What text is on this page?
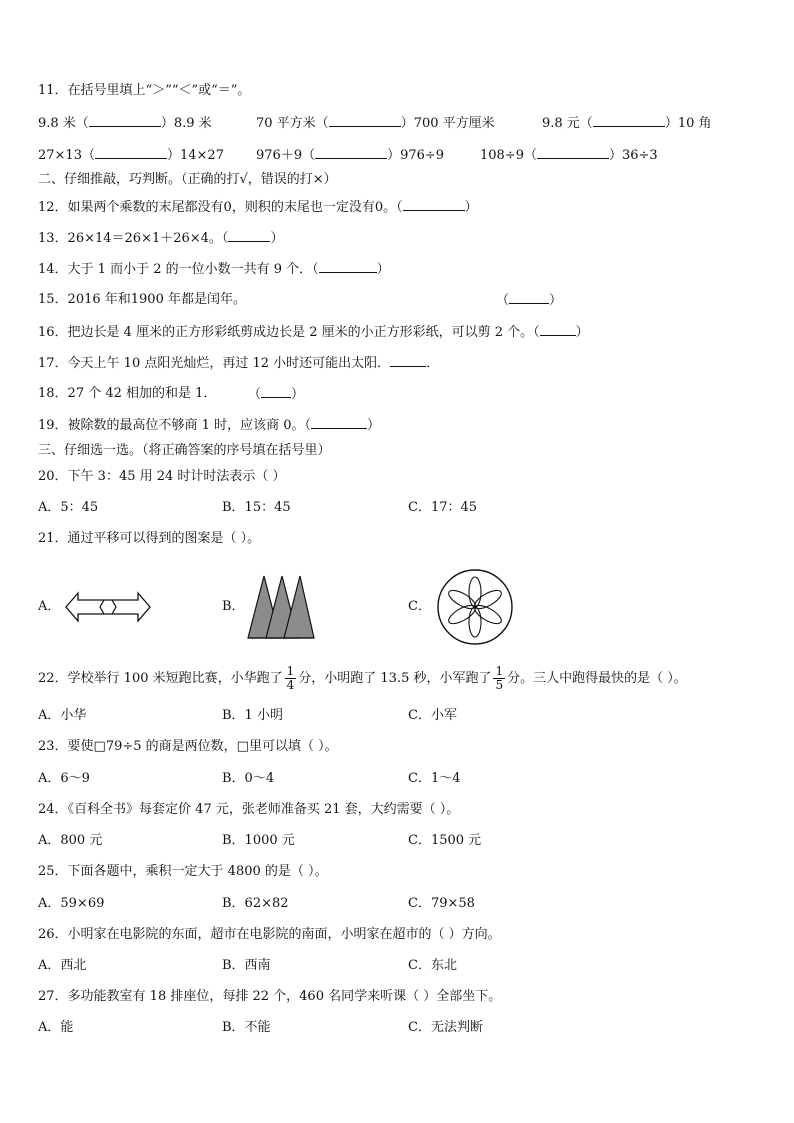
11．在括号里填上“＞”“＜”或“＝”。
9.8 米（	）8.9 米	70 平方米（	）700 平方厘米	9.8 元（	）10 角
27×13（	）14×27 976＋9（	）976÷9	108÷9（	）36÷3
二、仔细推敲，巧判断。（正确的打√，错误的打×）
12．如果两个乘数的末尾都没有0，则积的末尾也一定没有0。（	）
13．26×14＝26×1＋26×4。（	）
14．大于 1 而小于 2 的一位小数一共有 9 个．（	）
15．2016 年和1900 年都是闰年。	（	）
16．把边长是 4 厘米的正方形彩纸剪成边长是 2 厘米的小正方形彩纸，可以剪 2 个。（	）
17．今天上午 10 点阳光灿烂，再过 12 小时还可能出太阳．	．
18．27 个 42 相加的和是 1． （ ）
19．被除数的最高位不够商 1 时，应该商 0。（	）
三、仔细选一选。（将正确答案的序号填在括号里）
20．下午 3：45 用 24 时计时法表示（ ）
A．5：45	B．15：45	C．17：45
21．通过平移可以得到的图案是（ ）。
A．	B．	C．
22．学校举行 100 米短跑比赛，小华跑了 $\frac{1}{4}$ 分，小明跑了 13.5 秒，小军跑了 $\frac{1}{5}$ 分。三人中跑得最快的是（ ）。
A．小华	B．1 小明	C．小军
23．要使□79÷5 的商是两位数，□里可以填（ ）。
A．6～9	B．0～4	C．1～4
24．《百科全书》每套定价 47 元，张老师准备买 21 套，大约需要（ ）。
A．800 元	B．1000 元	C．1500 元
25．下面各题中，乘积一定大于 4800 的是（ ）。
A．59×69	B．62×82	C．79×58
26．小明家在电影院的东面，超市在电影院的南面，小明家在超市的（ ）方向。
A．西北	B．西南	C．东北
27．多功能教室有 18 排座位，每排 22 个，460 名同学来听课（ ）全部坐下。
A．能	B．不能	C．无法判断
